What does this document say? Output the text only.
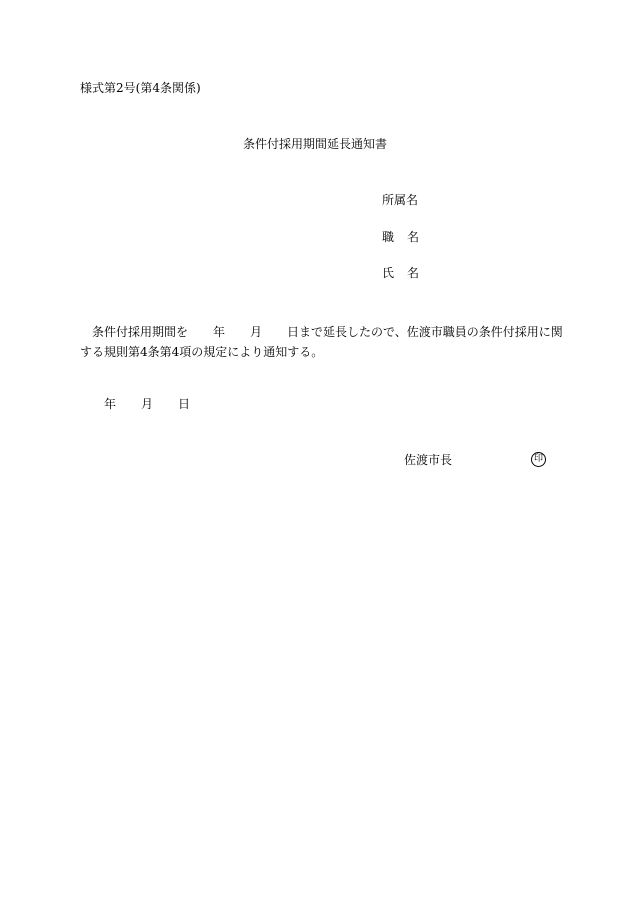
様式第2号(第4条関係)
条件付採用期間延長通知書
所属名
職 名
氏 名
条件付採用期間を 年 月 日まで延長したので、佐渡市職員の条件付採用に関
する規則第4条第4項の規定により通知する。
年 月 日
佐渡市長	印
